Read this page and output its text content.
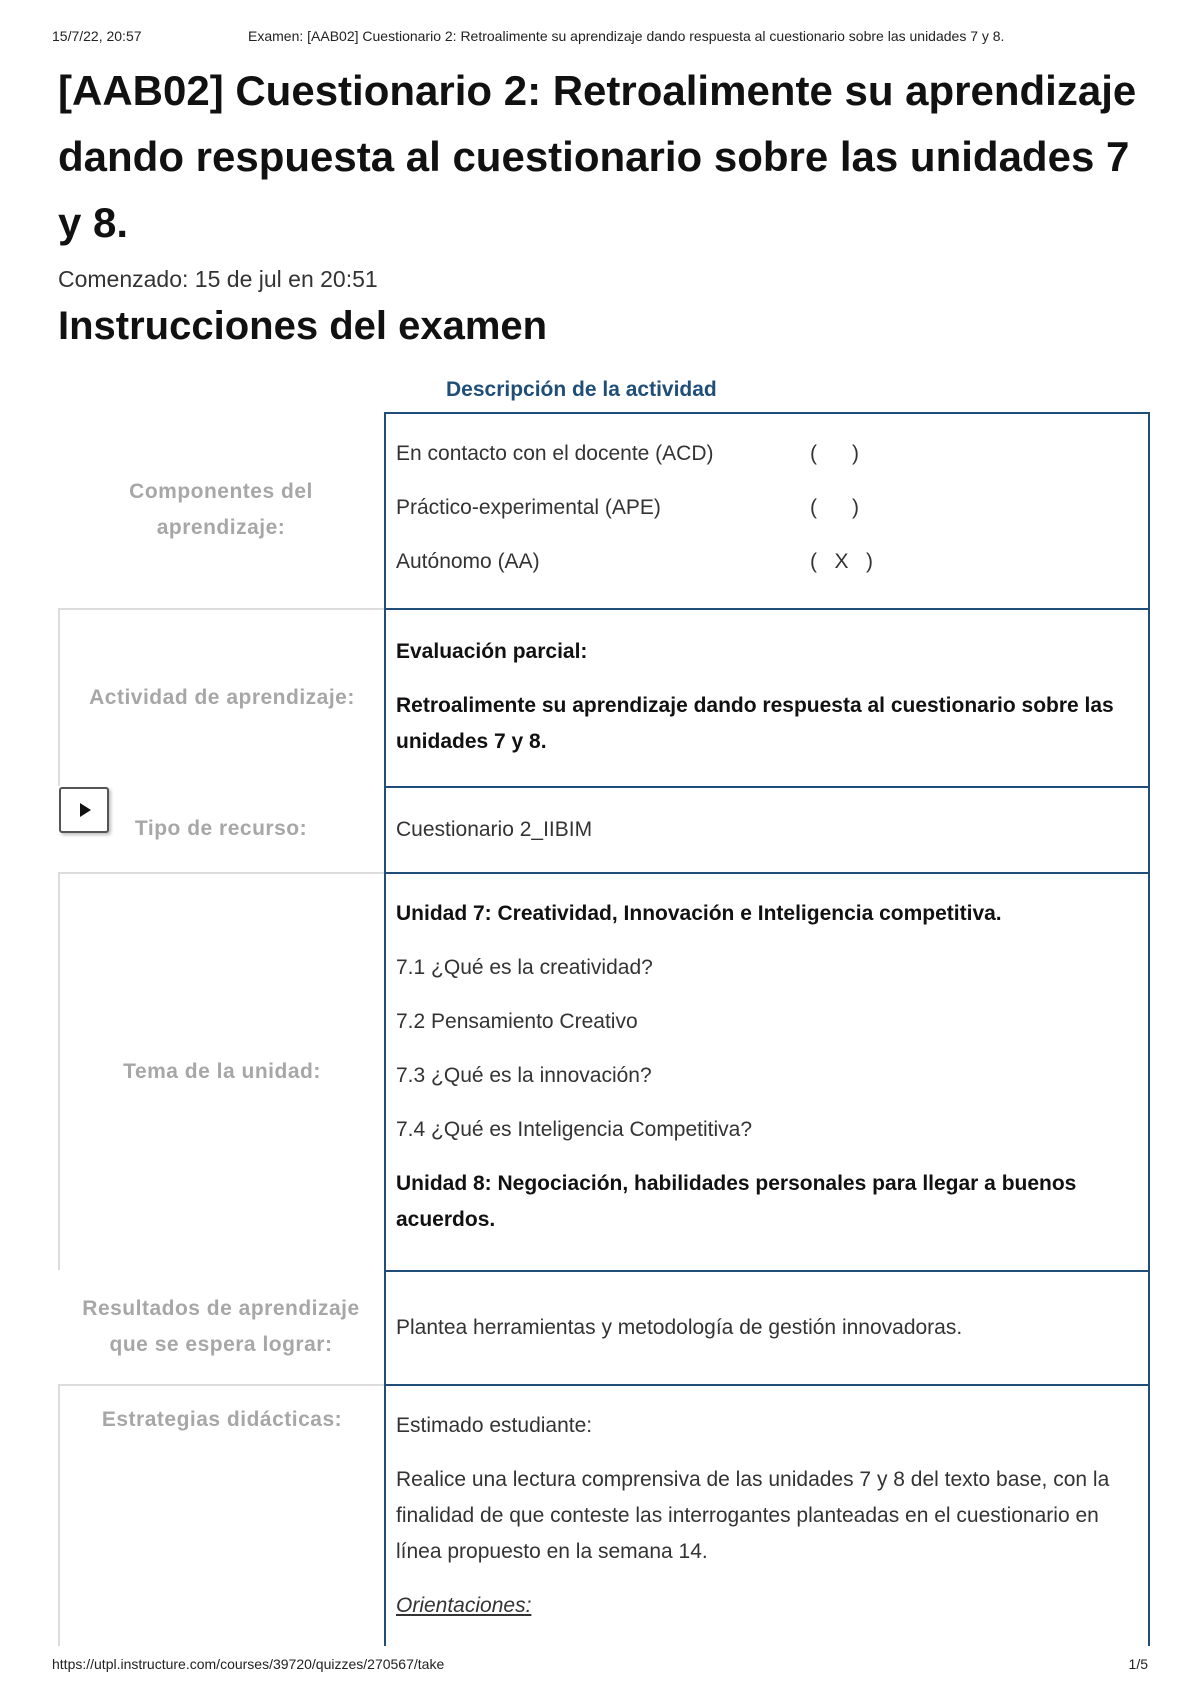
15/7/22, 20:57	Examen: [AAB02] Cuestionario 2: Retroalimente su aprendizaje dando respuesta al cuestionario sobre las unidades 7 y 8.
[AAB02] Cuestionario 2: Retroalimente su aprendizaje dando respuesta al cuestionario sobre las unidades 7 y 8.
Comenzado: 15 de jul en 20:51
Instrucciones del examen
Descripción de la actividad
Componentes del aprendizaje:
En contacto con el docente (ACD)	(      )
Práctico-experimental (APE)	(      )
Autónomo (AA)	(   X   )
Actividad de aprendizaje:

Evaluación parcial:

Retroalimente su aprendizaje dando respuesta al cuestionario sobre las unidades 7 y 8.

Tipo de recurso:	Cuestionario 2_IIBIM
Tema de la unidad:

Unidad 7: Creatividad, Innovación e Inteligencia competitiva.

7.1 ¿Qué es la creatividad?

7.2 Pensamiento Creativo

7.3 ¿Qué es la innovación?

7.4 ¿Qué es Inteligencia Competitiva?

Unidad 8: Negociación, habilidades personales para llegar a buenos acuerdos.

Resultados de aprendizaje que se espera lograr:
Plantea herramientas y metodología de gestión innovadoras.
Estrategias didácticas:	Estimado estudiante:

Realice una lectura comprensiva de las unidades 7 y 8 del texto base, con la finalidad de que conteste las interrogantes planteadas en el cuestionario en línea propuesto en la semana 14.

Orientaciones:

https://utpl.instructure.com/courses/39720/quizzes/270567/take	1/5
